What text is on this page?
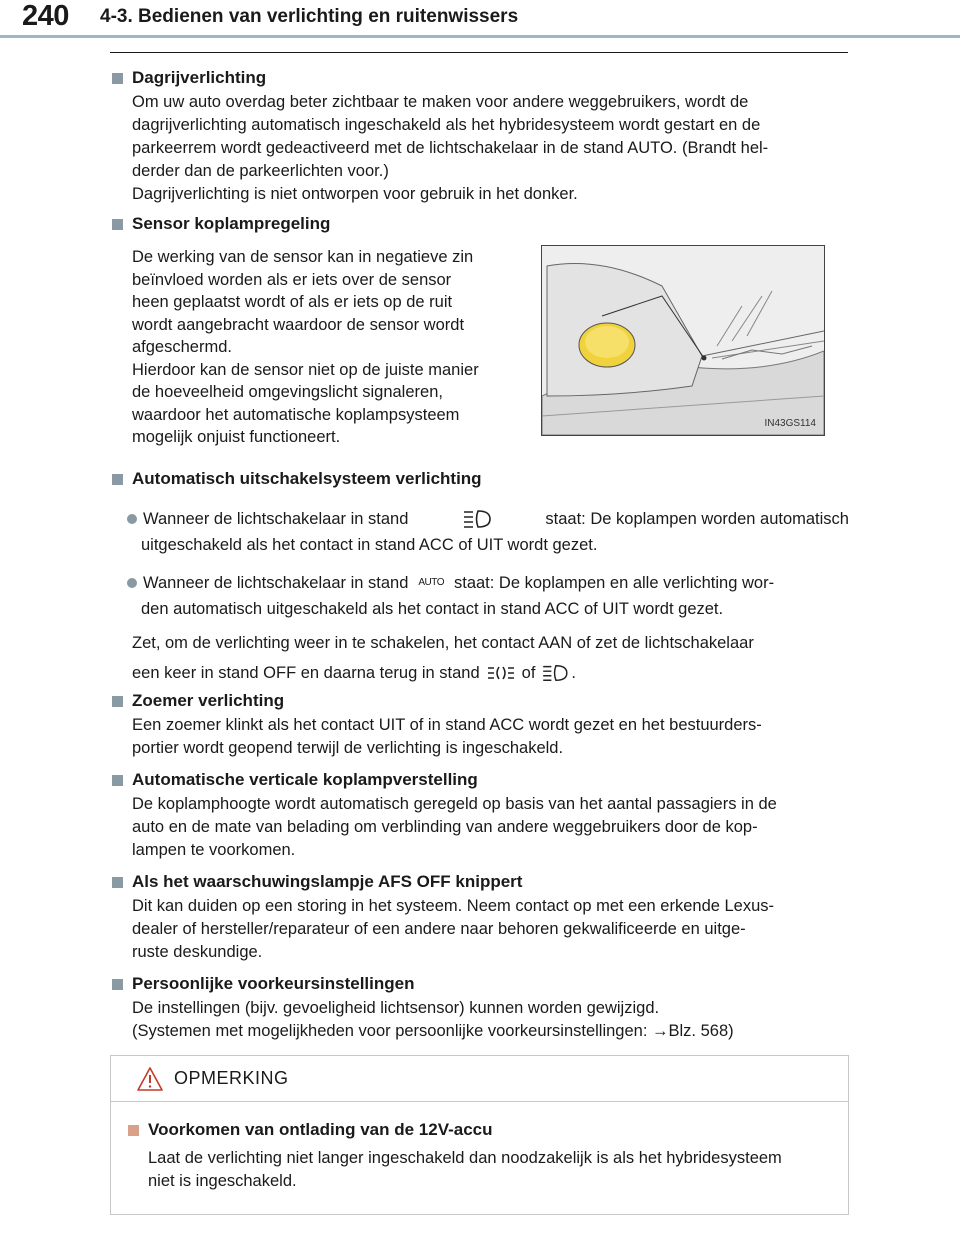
240 4-3. Bedienen van verlichting en ruitenwissers
Dagrijverlichting
Om uw auto overdag beter zichtbaar te maken voor andere weggebruikers, wordt de
dagrijverlichting automatisch ingeschakeld als het hybridesysteem wordt gestart en de
parkeerrem wordt gedeactiveerd met de lichtschakelaar in de stand AUTO. (Brandt hel-
derder dan de parkeerlichten voor.)
Dagrijverlichting is niet ontworpen voor gebruik in het donker.
Sensor koplampregeling
De werking van de sensor kan in negatieve zin
beïnvloed worden als er iets over de sensor
heen geplaatst wordt of als er iets op de ruit
wordt aangebracht waardoor de sensor wordt
afgeschermd.
Hierdoor kan de sensor niet op de juiste manier
de hoeveelheid omgevingslicht signaleren,
waardoor het automatische koplampsysteem
mogelijk onjuist functioneert.
IN43GS114
Automatisch uitschakelsysteem verlichting
Wanneer de lichtschakelaar in stand	staat: De koplampen worden automatisch
uitgeschakeld als het contact in stand ACC of UIT wordt gezet.
Wanneer de lichtschakelaar in stand AUTO staat: De koplampen en alle verlichting wor-
den automatisch uitgeschakeld als het contact in stand ACC of UIT wordt gezet.
Zet, om de verlichting weer in te schakelen, het contact AAN of zet de lichtschakelaar
een keer in stand OFF en daarna terug in stand	of .
Zoemer verlichting
Een zoemer klinkt als het contact UIT of in stand ACC wordt gezet en het bestuurders-
portier wordt geopend terwijl de verlichting is ingeschakeld.
Automatische verticale koplampverstelling
De koplamphoogte wordt automatisch geregeld op basis van het aantal passagiers in de
auto en de mate van belading om verblinding van andere weggebruikers door de kop-
lampen te voorkomen.
Als het waarschuwingslampje AFS OFF knippert
Dit kan duiden op een storing in het systeem. Neem contact op met een erkende Lexus-
dealer of hersteller/reparateur of een andere naar behoren gekwalificeerde en uitge-
ruste deskundige.
Persoonlijke voorkeursinstellingen
De instellingen (bijv. gevoeligheid lichtsensor) kunnen worden gewijzigd.
(Systemen met mogelijkheden voor persoonlijke voorkeursinstellingen: →Blz. 568)
OPMERKING
Voorkomen van ontlading van de 12V-accu
Laat de verlichting niet langer ingeschakeld dan noodzakelijk is als het hybridesysteem
niet is ingeschakeld.
